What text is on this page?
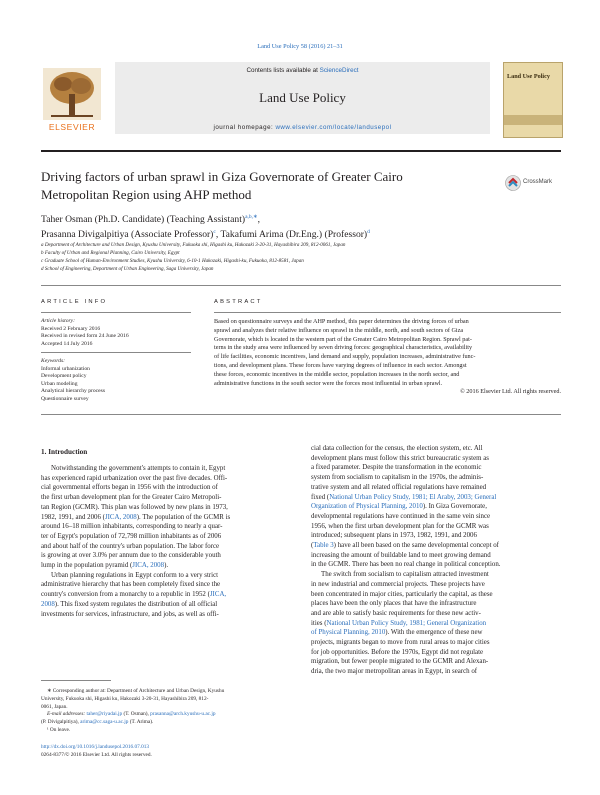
Land Use Policy 58 (2016) 21–31
ELSEVIER
Contents lists available at ScienceDirect
Land Use Policy
journal homepage: www.elsevier.com/locate/landusepol
Land Use Policy
Driving factors of urban sprawl in Giza Governorate of Greater Cairo
Metropolitan Region using AHP method
CrossMark
Taher Osman (Ph.D. Candidate) (Teaching Assistant)$^{a,b,∗}$,
Prasanna Divigalpitiya (Associate Professor)$^c$, Takafumi Arima (Dr.Eng.) (Professor)$^d$
a Department of Architecture and Urban Design, Kyushu University, Fukuoka shi, Higashi ku, Hakozaki 3-20-31, Hayashibira 209, 812-0061, Japan
b Faculty of Urban and Regional Planning, Cairo University, Egypt
c Graduate School of Human-Environment Studies, Kyushu University, 6-10-1 Hakozaki, Higashi-ku, Fukuoka, 812-8581, Japan
d School of Engineering, Department of Urban Engineering, Saga University, Japan
ARTICLE INFO
Article history:
Received 2 February 2016
Received in revised form 24 June 2016
Accepted 14 July 2016
Keywords:
Informal urbanization
Development policy
Urban modeling
Analytical hierarchy process
Questionnaire survey
ABSTRACT
Based on questionnaire surveys and the AHP method, this paper determines the driving forces of urban
sprawl and analyzes their relative influence on sprawl in the middle, north, and south sectors of Giza
Governorate, which is located in the western part of the Greater Cairo Metropolitan Region. Sprawl pat-
terns in the study area were influenced by seven driving forces: geographical characteristics, availability
of life facilities, economic incentives, land demand and supply, population increases, administrative func-
tions, and development plans. These forces have varying degrees of influence in each sector. Amongst
these forces, economic incentives in the middle sector, population increases in the north sector, and
administrative functions in the south sector were the forces most influential in urban sprawl.
© 2016 Elsevier Ltd. All rights reserved.
1. Introduction
Notwithstanding the government's attempts to contain it, Egypt
has experienced rapid urbanization over the past five decades. Offi-
cial governmental efforts began in 1956 with the introduction of
the first urban development plan for the Greater Cairo Metropoli-
tan Region (GCMR). This plan was followed by new plans in 1973,
1982, 1991, and 2006 (JICA, 2008). The population of the GCMR is
around 16–18 million inhabitants, corresponding to nearly a quar-
ter of Egypt's population of 72,798 million inhabitants as of 2006
and about half of the country's urban population. The labor force
is growing at over 3.0% per annum due to the considerable youth
lump in the population pyramid (JICA, 2008).
Urban planning regulations in Egypt conform to a very strict
administrative hierarchy that has been completely fixed since the
country's conversion from a monarchy to a republic in 1952 (JICA,
2008). This fixed system regulates the distribution of all official
investments for services, infrastructure, and jobs, as well as offi-
∗ Corresponding author at: Department of Architecture and Urban Design, Kyushu
University, Fukuoka shi, Higashi ku, Hakozaki 3-20-31, Hayashibira 209, 812-
0061, Japan.
E-mail addresses: taher@riyadai.jp (T. Osman), prasanna@arch.kyushu-u.ac.jp
(P. Divigalpitiya), arima@cc.saga-u.ac.jp (T. Arima).
¹ On leave.
http://dx.doi.org/10.1016/j.landusepol.2016.07.013
0264-8377/© 2016 Elsevier Ltd. All rights reserved.
cial data collection for the census, the election system, etc. All
development plans must follow this strict bureaucratic system as
a fixed parameter. Despite the transformation in the economic
system from socialism to capitalism in the 1970s, the adminis-
trative system and all related official regulations have remained
fixed (National Urban Policy Study, 1981; El Araby, 2003; General
Organization of Physical Planning, 2010). In Giza Governorate,
developmental regulations have continued in the same vein since
1956, when the first urban development plan for the GCMR was
introduced; subsequent plans in 1973, 1982, 1991, and 2006
(Table 3) have all been based on the same developmental concept of
increasing the amount of buildable land to meet growing demand
in the GCMR. There has been no real change in political conception.
The switch from socialism to capitalism attracted investment
in new industrial and commercial projects. These projects have
been concentrated in major cities, particularly the capital, as these
places have been the only places that have the infrastructure
and are able to satisfy basic requirements for these new activ-
ities (National Urban Policy Study, 1981; General Organization
of Physical Planning, 2010). With the emergence of these new
projects, migrants began to move from rural areas to major cities
for job opportunities. Before the 1970s, Egypt did not regulate
migration, but fewer people migrated to the GCMR and Alexan-
dria, the two major metropolitan areas in Egypt, in search of
